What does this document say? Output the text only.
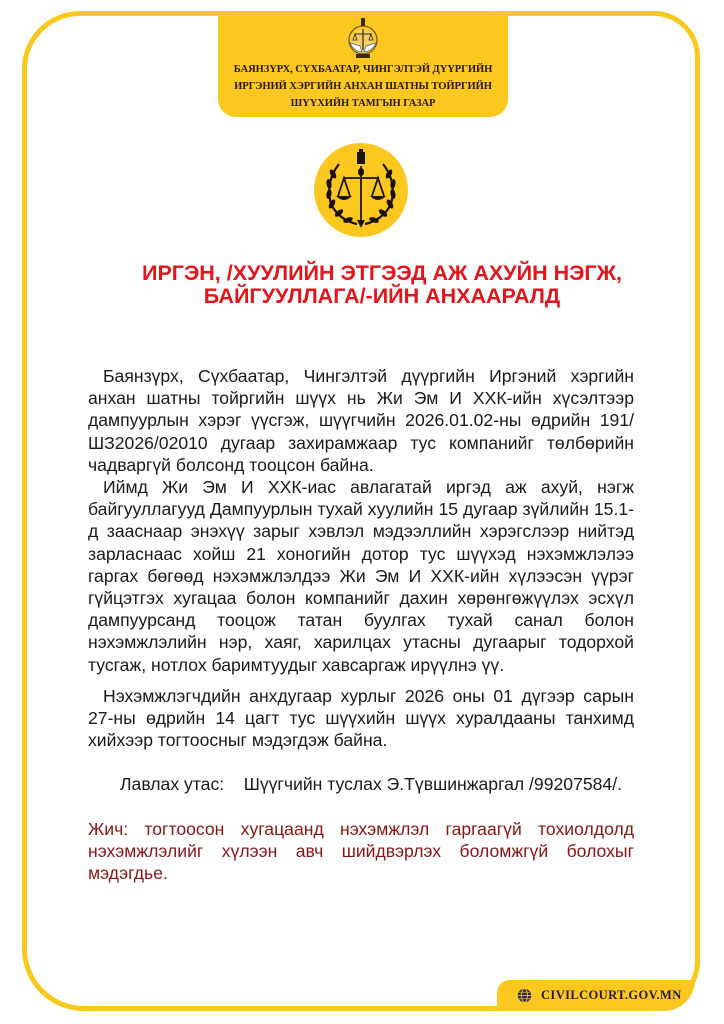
БАЯНЗҮРХ, СҮХБААТАР, ЧИНГЭЛТЭЙ ДҮҮРГИЙН
ИРГЭНИЙ ХЭРГИЙН АНХАН ШАТНЫ ТОЙРГИЙН
ШҮҮХИЙН ТАМГЫН ГАЗАР
ИРГЭН, /ХУУЛИЙН ЭТГЭЭД АЖ АХУЙН НЭГЖ,
БАЙГУУЛЛАГА/-ИЙН АНХААРАЛД

Баянзүрх, Сүхбаатар, Чингэлтэй дүүргийн Иргэний хэргийн анхан шатны тойргийн шүүх нь Жи Эм И ХХК-ийн хүсэлтээр дампуурлын хэрэг үүсгэж, шүүгчийн 2026.01.02-ны өдрийн 191/ШЗ2026/02010 дугаар захирамжаар тус компанийг төлбөрийн чадваргүй болсонд тооцсон байна.

Иймд Жи Эм И ХХК-иас авлагатай иргэд аж ахуй, нэгж байгууллагууд Дампуурлын тухай хуулийн 15 дугаар зүйлийн 15.1-д зааснаар энэхүү зарыг хэвлэл мэдээллийн хэрэгслээр нийтэд зарласнаас хойш 21 хоногийн дотор тус шүүхэд нэхэмжлэлээ гаргах бөгөөд нэхэмжлэлдээ Жи Эм И ХХК-ийн хүлээсэн үүрэг гүйцэтгэх хугацаа болон компанийг дахин хөрөнгөжүүлэх эсхүл дампуурсанд тооцож татан буулгах тухай санал болон нэхэмжлэлийн нэр, хаяг, харилцах утасны дугаарыг тодорхой тусгаж, нотлох баримтуудыг хавсаргаж ирүүлнэ үү.

Нэхэмжлэгчдийн анхдугаар хурлыг 2026 оны 01 дүгээр сарын 27-ны өдрийн 14 цагт тус шүүхийн шүүх хуралдааны танхимд хийхээр тогтоосныг мэдэгдэж байна.

Лавлах утас: Шүүгчийн туслах Э.Түвшинжаргал /99207584/.
Жич: тогтоосон хугацаанд нэхэмжлэл гаргаагүй тохиолдолд нэхэмжлэлийг хүлээн авч шийдвэрлэх боломжгүй болохыг мэдэгдье.
CIVILCOURT.GOV.MN
